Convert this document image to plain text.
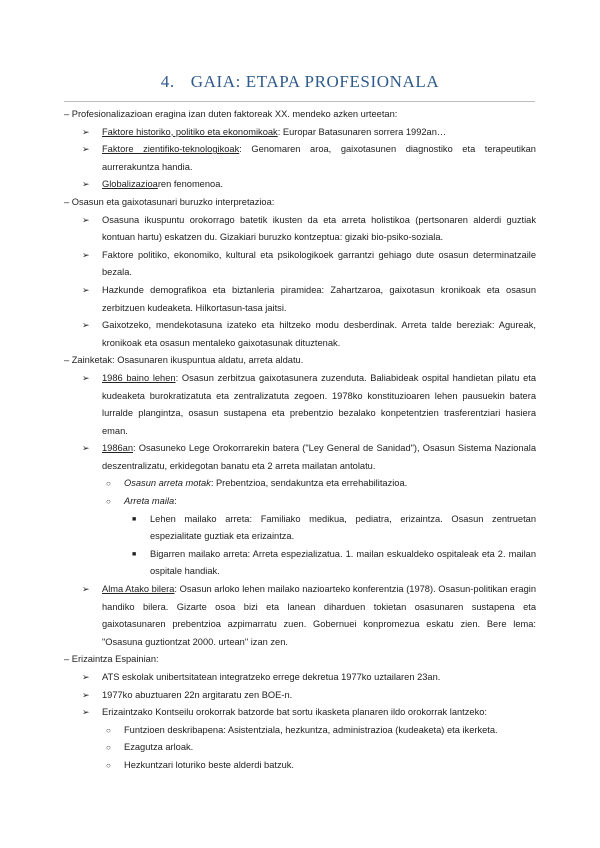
4. GAIA: ETAPA PROFESIONALA

– Profesionalizazioan eragina izan duten faktoreak XX. mendeko azken urteetan:

➢	Faktore historiko, politiko eta ekonomikoak: Europar Batasunaren sorrera 1992an…
➢	Faktore zientifiko-teknologikoak: Genomaren aroa, gaixotasunen diagnostiko eta terapeutikan aurrerakuntza handia.
➢	Globalizazioaren fenomenoa.

– Osasun eta gaixotasunari buruzko interpretazioa:

➢	Osasuna ikuspuntu orokorrago batetik ikusten da eta arreta holistikoa (pertsonaren alderdi guztiak kontuan hartu) eskatzen du. Gizakiari buruzko kontzeptua: gizaki bio-psiko-soziala.
➢	Faktore politiko, ekonomiko, kultural eta psikologikoek garrantzi gehiago dute osasun determinatzaile bezala.
➢	Hazkunde demografikoa eta biztanleria piramidea: Zahartzaroa, gaixotasun kronikoak eta osasun zerbitzuen kudeaketa. Hilkortasun-tasa jaitsi.
➢	Gaixotzeko, mendekotasuna izateko eta hiltzeko modu desberdinak. Arreta talde bereziak: Agureak, kronikoak eta osasun mentaleko gaixotasunak dituztenak.

– Zainketak: Osasunaren ikuspuntua aldatu, arreta aldatu.

➢	1986 baino lehen: Osasun zerbitzua gaixotasunera zuzenduta. Baliabideak ospital handietan pilatu eta kudeaketa burokratizatuta eta zentralizatuta zegoen. 1978ko konstituzioaren lehen pausuekin batera lurralde plangintza, osasun sustapena eta prebentzio bezalako konpetentzien trasferentziari hasiera eman.
➢	1986an: Osasuneko Lege Orokorrarekin batera ("Ley General de Sanidad"), Osasun Sistema Nazionala deszentralizatu, erkidegotan banatu eta 2 arreta mailatan antolatu.
○	Osasun arreta motak: Prebentzioa, sendakuntza eta errehabilitazioa.
○	Arreta maila:
■	Lehen mailako arreta: Familiako medikua, pediatra, erizaintza. Osasun zentruetan espezialitate guztiak eta erizaintza.
■	Bigarren mailako arreta: Arreta espezializatua. 1. mailan eskualdeko ospitaleak eta 2. mailan ospitale handiak.
➢	Alma Atako bilera: Osasun arloko lehen mailako nazioarteko konferentzia (1978). Osasun-politikan eragin handiko bilera. Gizarte osoa bizi eta lanean diharduen tokietan osasunaren sustapena eta gaixotasunaren prebentzioa azpimarratu zuen. Gobernuei konpromezua eskatu zien. Bere lema: "Osasuna guztiontzat 2000. urtean" izan zen.

– Erizaintza Espainian:

➢	ATS eskolak unibertsitatean integratzeko errege dekretua 1977ko uztailaren 23an.
➢	1977ko abuztuaren 22n argitaratu zen BOE-n.
➢	Erizaintzako Kontseilu orokorrak batzorde bat sortu ikasketa planaren ildo orokorrak lantzeko:
○	Funtzioen deskribapena: Asistentziala, hezkuntza, administrazioa (kudeaketa) eta ikerketa.
○	Ezagutza arloak.
○	Hezkuntzari loturiko beste alderdi batzuk.
